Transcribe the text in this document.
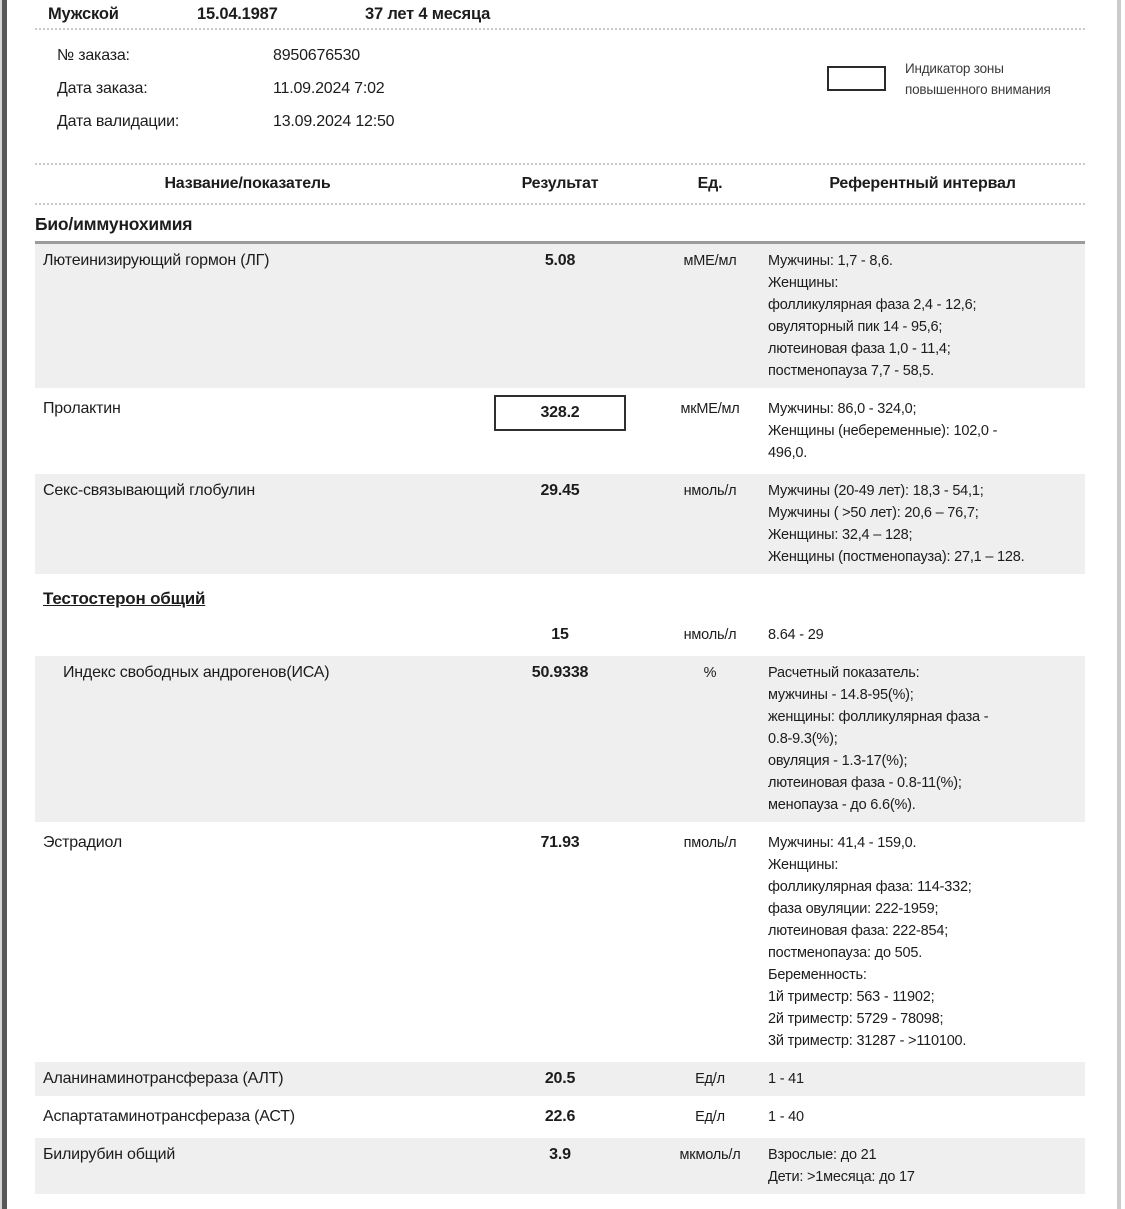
Мужской	15.04.1987	37 лет 4 месяца
№ заказа:	8950676530
Дата заказа:	11.09.2024 7:02
Дата валидации:	13.09.2024 12:50
Индикатор зоны
повышенного внимания
Название/показатель	Результат	Ед.	Референтный интервал
Био/иммунохимия
Лютеинизирующий гормон (ЛГ)	5.08	мМЕ/мл	Мужчины: 1,7 - 8,6.
Женщины:
фолликулярная фаза 2,4 - 12,6;
овуляторный пик 14 - 95,6;
лютеиновая фаза 1,0 - 11,4;
постменопауза 7,7 - 58,5.
Пролактин	328.2	мкМЕ/мл	Мужчины: 86,0 - 324,0;
Женщины (небеременные): 102,0 -
496,0.
Секс-связывающий глобулин	29.45	нмоль/л	Мужчины (20-49 лет): 18,3 - 54,1;
Мужчины ( >50 лет): 20,6 – 76,7;
Женщины: 32,4 – 128;
Женщины (постменопауза): 27,1 – 128.
Тестостерон общий
15	нмоль/л	8.64 - 29
Индекс свободных андрогенов(ИСА)	50.9338	%	Расчетный показатель:
мужчины - 14.8-95(%);
женщины: фолликулярная фаза -
0.8-9.3(%);
овуляция - 1.3-17(%);
лютеиновая фаза - 0.8-11(%);
менопауза - до 6.6(%).
Эстрадиол	71.93	пмоль/л	Мужчины: 41,4 - 159,0.
Женщины:
фолликулярная фаза: 114-332;
фаза овуляции: 222-1959;
лютеиновая фаза: 222-854;
постменопауза: до 505.
Беременность:
1й триместр: 563 - 11902;
2й триместр: 5729 - 78098;
3й триместр: 31287 - >110100.
Аланинаминотрансфераза (АЛТ)	20.5	Ед/л	1 - 41
Аспартатаминотрансфераза (АСТ)	22.6	Ед/л	1 - 40
Билирубин общий	3.9	мкмоль/л	Взрослые: до 21
Дети: >1месяца: до 17
